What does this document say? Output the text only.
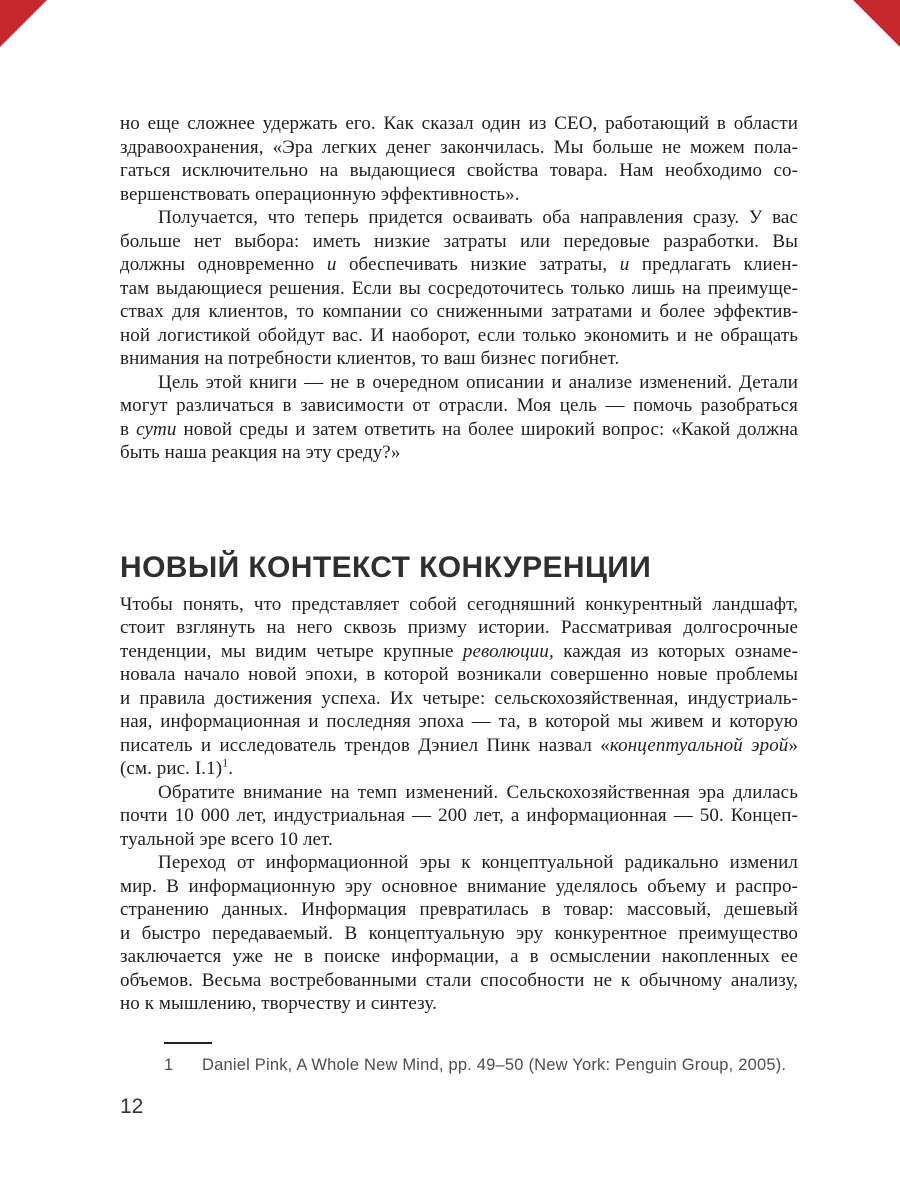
но еще сложнее удержать его. Как сказал один из CEO, работающий в области
здравоохранения, «Эра легких денег закончилась. Мы больше не можем пола-
гаться исключительно на выдающиеся свойства товара. Нам необходимо со-
вершенствовать операционную эффективность».

Получается, что теперь придется осваивать оба направления сразу. У вас
больше нет выбора: иметь низкие затраты или передовые разработки. Вы
должны одновременно и обеспечивать низкие затраты, и предлагать клиен-
там выдающиеся решения. Если вы сосредоточитесь только лишь на преимуще-
ствах для клиентов, то компании со сниженными затратами и более эффектив-
ной логистикой обойдут вас. И наоборот, если только экономить и не обращать
внимания на потребности клиентов, то ваш бизнес погибнет.

Цель этой книги — не в очередном описании и анализе изменений. Детали
могут различаться в зависимости от отрасли. Моя цель — помочь разобраться
в сути новой среды и затем ответить на более широкий вопрос: «Какой должна
быть наша реакция на эту среду?»

НОВЫЙ КОНТЕКСТ КОНКУРЕНЦИИ

Чтобы понять, что представляет собой сегодняшний конкурентный ландшафт,
стоит взглянуть на него сквозь призму истории. Рассматривая долгосрочные
тенденции, мы видим четыре крупные революции, каждая из которых ознаме-
новала начало новой эпохи, в которой возникали совершенно новые проблемы
и правила достижения успеха. Их четыре: сельскохозяйственная, индустриаль-
ная, информационная и последняя эпоха — та, в которой мы живем и которую
писатель и исследователь трендов Дэниел Пинк назвал «концептуальной эрой»
(см. рис. I.1)$^1$.

Обратите внимание на темп изменений. Сельскохозяйственная эра длилась
почти 10 000 лет, индустриальная — 200 лет, а информационная — 50. Концеп-
туальной эре всего 10 лет.

Переход от информационной эры к концептуальной радикально изменил
мир. В информационную эру основное внимание уделялось объему и распро-
странению данных. Информация превратилась в товар: массовый, дешевый
и быстро передаваемый. В концептуальную эру конкурентное преимущество
заключается уже не в поиске информации, а в осмыслении накопленных ее
объемов. Весьма востребованными стали способности не к обычному анализу,
но к мышлению, творчеству и синтезу.

1 Daniel Pink, A Whole New Mind, pp. 49–50 (New York: Penguin Group, 2005).
12
